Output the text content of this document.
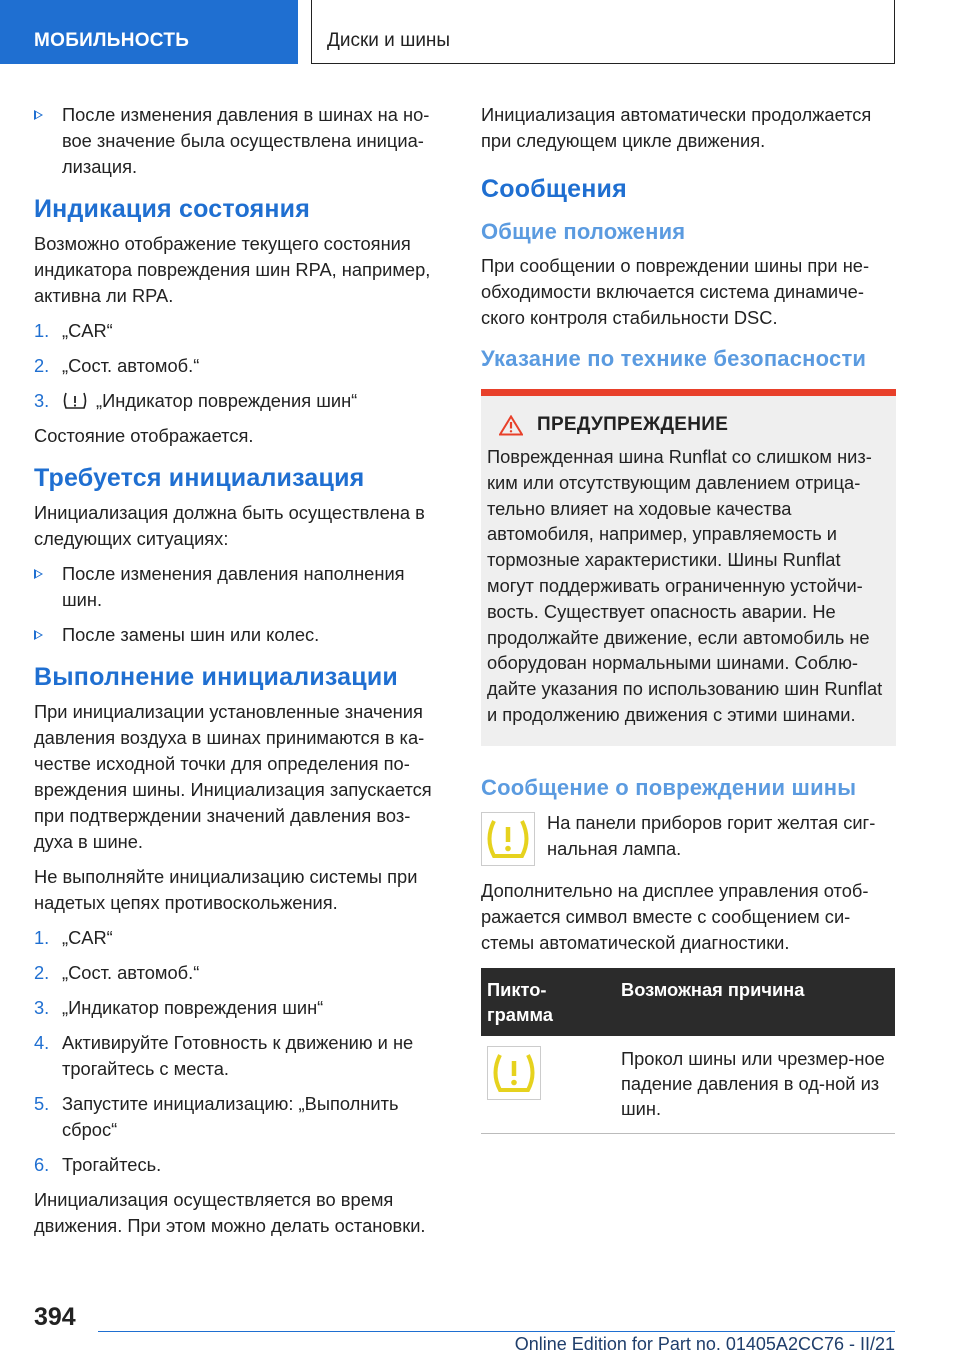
МОБИЛЬНОСТЬ	Диски и шины
После изменения давления в шинах на но-вое значение была осуществлена инициа-лизация.
Индикация состояния

Возможно отображение текущего состояния индикатора повреждения шин RPA, например, активна ли RPA.

1. „CAR“
2. „Сост. автомоб.“
3.	„Индикатор повреждения шин“

Состояние отображается.

Требуется инициализация

Инициализация должна быть осуществлена в следующих ситуациях:

После изменения давления наполнения шин.
После замены шин или колес.
Выполнение инициализации

При инициализации установленные значения давления воздуха в шинах принимаются в ка-честве исходной точки для определения по-вреждения шины. Инициализация запускается при подтверждении значений давления воз-духа в шине.

Не выполняйте инициализацию системы при надетых цепях противоскольжения.

1. „CAR“
2. „Сост. автомоб.“
3. „Индикатор повреждения шин“
4. Активируйте Готовность к движению и не трогайтесь с места.
5. Запустите инициализацию: „Выполнить сброс“
6. Трогайтесь.

Инициализация осуществляется во время движения. При этом можно делать остановки.

Инициализация автоматически продолжается при следующем цикле движения.

Сообщения
Общие положения

При сообщении о повреждении шины при не-обходимости включается система динамиче-ского контроля стабильности DSC.

Указание по технике безопасности
ПРЕДУПРЕЖДЕНИЕ
Поврежденная шина Runflat со слишком низ-ким или отсутствующим давлением отрица-тельно влияет на ходовые качества автомобиля, например, управляемость и тормозные характеристики. Шины Runflat могут поддерживать ограниченную устойчи-вость. Существует опасность аварии. Не продолжайте движение, если автомобиль не оборудован нормальными шинами. Соблю-дайте указания по использованию шин Runflat и продолжению движения с этими шинами.
Сообщение о повреждении шины

На панели приборов горит желтая сиг-нальная лампа.

Дополнительно на дисплее управления отоб-ражается символ вместе с сообщением си-стемы автоматической диагностики.

Пикто-грамма	Возможная причина

	Прокол шины или чрезмер-ное падение давления в од-ной из шин.
394
Online Edition for Part no. 01405A2CC76 - II/21
